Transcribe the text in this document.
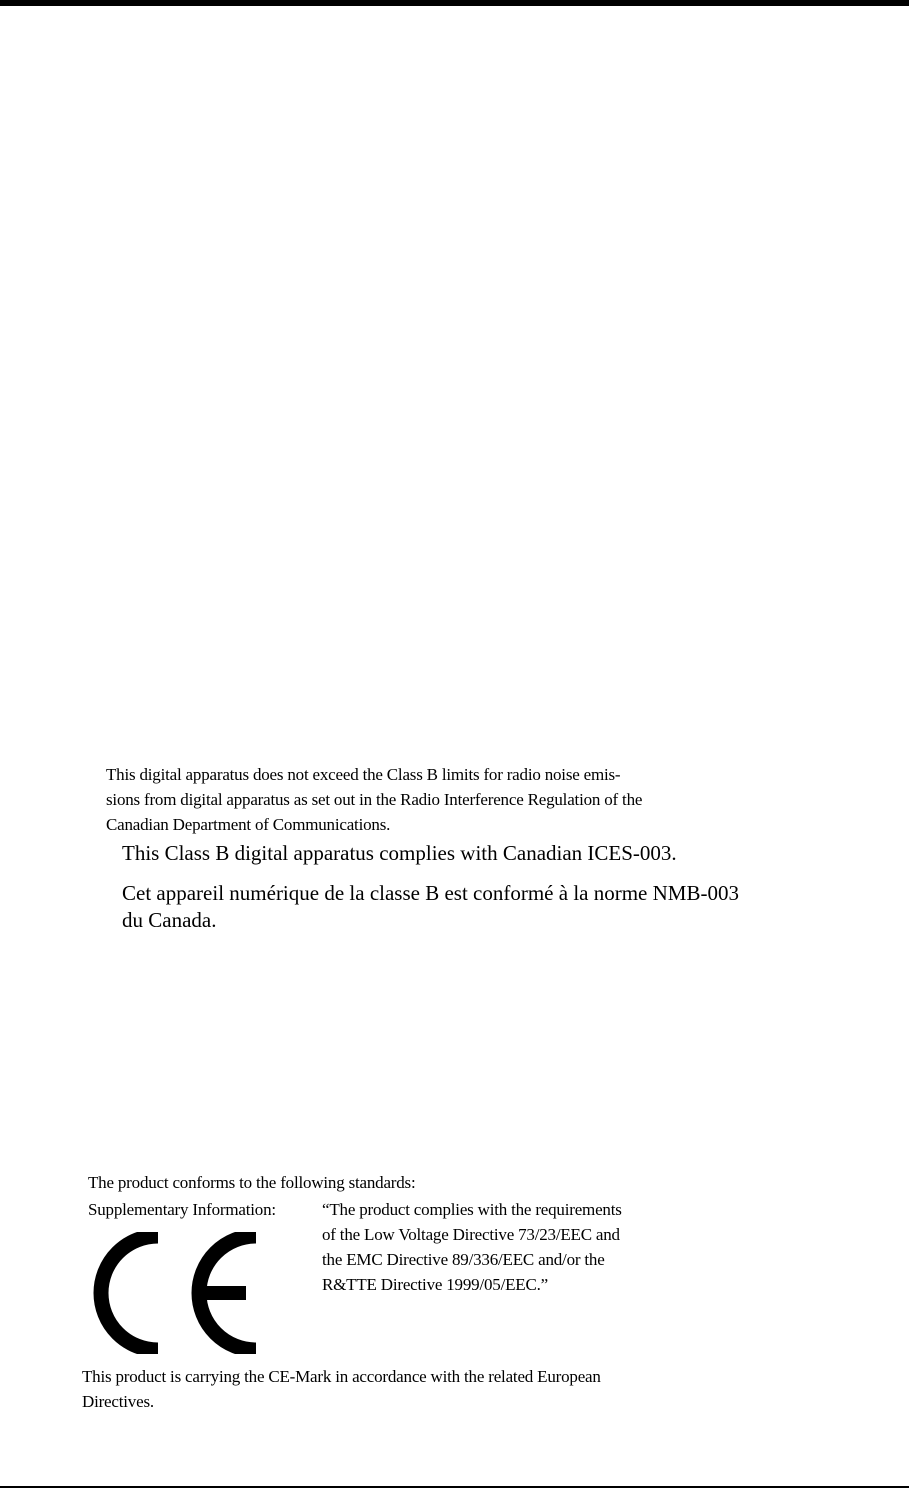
This digital apparatus does not exceed the Class B limits for radio noise emis-
sions from digital apparatus as set out in the Radio Interference Regulation of the
Canadian Department of Communications.
This Class B digital apparatus complies with Canadian ICES-003.
Cet appareil numérique de la classe B est conformé à la norme NMB-003
du Canada.
The product conforms to the following standards:
Supplementary Information:	“The product complies with the requirements
of the Low Voltage Directive 73/23/EEC and
the EMC Directive 89/336/EEC and/or the
R&TTE Directive 1999/05/EEC.”
This product is carrying the CE-Mark in accordance with the related European
Directives.
